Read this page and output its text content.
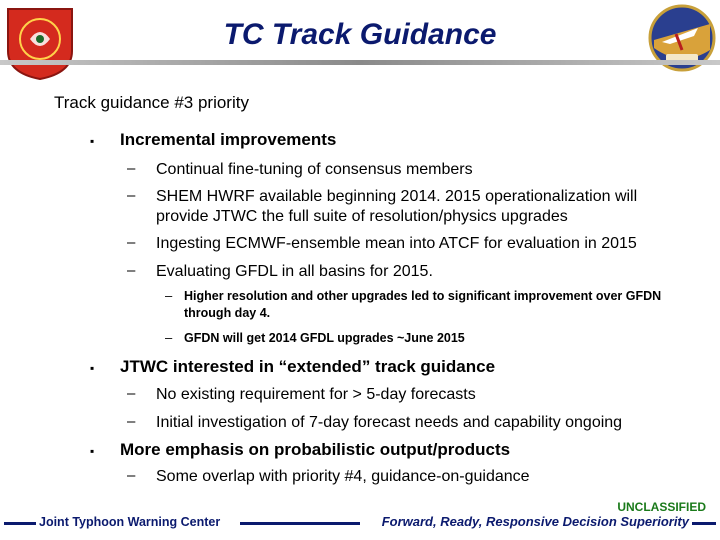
TC Track Guidance
Track guidance #3 priority
▪ Incremental improvements
– Continual fine-tuning of consensus members
– SHEM HWRF available beginning 2014. 2015 operationalization will provide JTWC the full suite of resolution/physics upgrades
– Ingesting ECMWF-ensemble mean into ATCF for evaluation in 2015
– Evaluating GFDL in all basins for 2015.
– Higher resolution and other upgrades led to significant improvement over GFDN through day 4.
– GFDN will get 2014 GFDL upgrades ~June 2015
▪ JTWC interested in “extended” track guidance
– No existing requirement for > 5-day forecasts
– Initial investigation of 7-day forecast needs and capability ongoing
▪ More emphasis on probabilistic output/products
– Some overlap with priority #4, guidance-on-guidance
UNCLASSIFIED
Joint Typhoon Warning Center	Forward, Ready, Responsive Decision Superiority
